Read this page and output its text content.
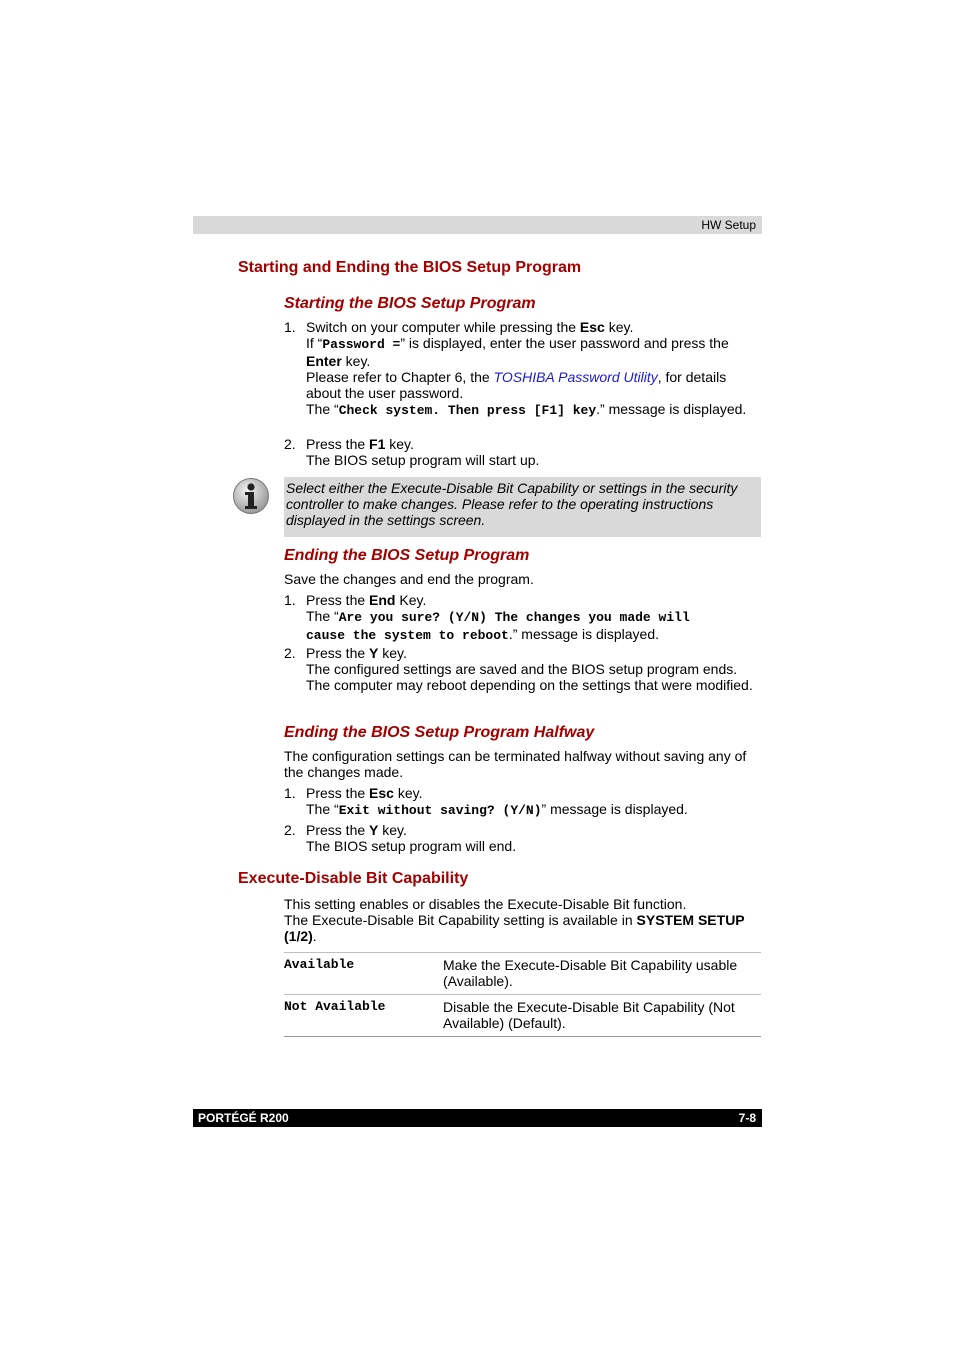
HW Setup
Starting and Ending the BIOS Setup Program
Starting the BIOS Setup Program
1. Switch on your computer while pressing the Esc key.
If “Password =” is displayed, enter the user password and press the Enter key.
Please refer to Chapter 6, the TOSHIBA Password Utility, for details about the user password.
The “Check system. Then press [F1] key.” message is displayed.
2. Press the F1 key.
The BIOS setup program will start up.
Select either the Execute-Disable Bit Capability or settings in the security controller to make changes. Please refer to the operating instructions displayed in the settings screen.
Ending the BIOS Setup Program
Save the changes and end the program.
1. Press the End Key.
The “Are you sure? (Y/N) The changes you made will
cause the system to reboot.” message is displayed.
2. Press the Y key.
The configured settings are saved and the BIOS setup program ends.
The computer may reboot depending on the settings that were modified.
Ending the BIOS Setup Program Halfway
The configuration settings can be terminated halfway without saving any of the changes made.
1. Press the Esc key.
The “Exit without saving? (Y/N)” message is displayed.
2. Press the Y key.
The BIOS setup program will end.
Execute-Disable Bit Capability
This setting enables or disables the Execute-Disable Bit function.
The Execute-Disable Bit Capability setting is available in SYSTEM SETUP (1/2).
Available	Make the Execute-Disable Bit Capability usable (Available).
Not Available	Disable the Execute-Disable Bit Capability (Not Available) (Default).
PORTÉGÉ R200	7-8
